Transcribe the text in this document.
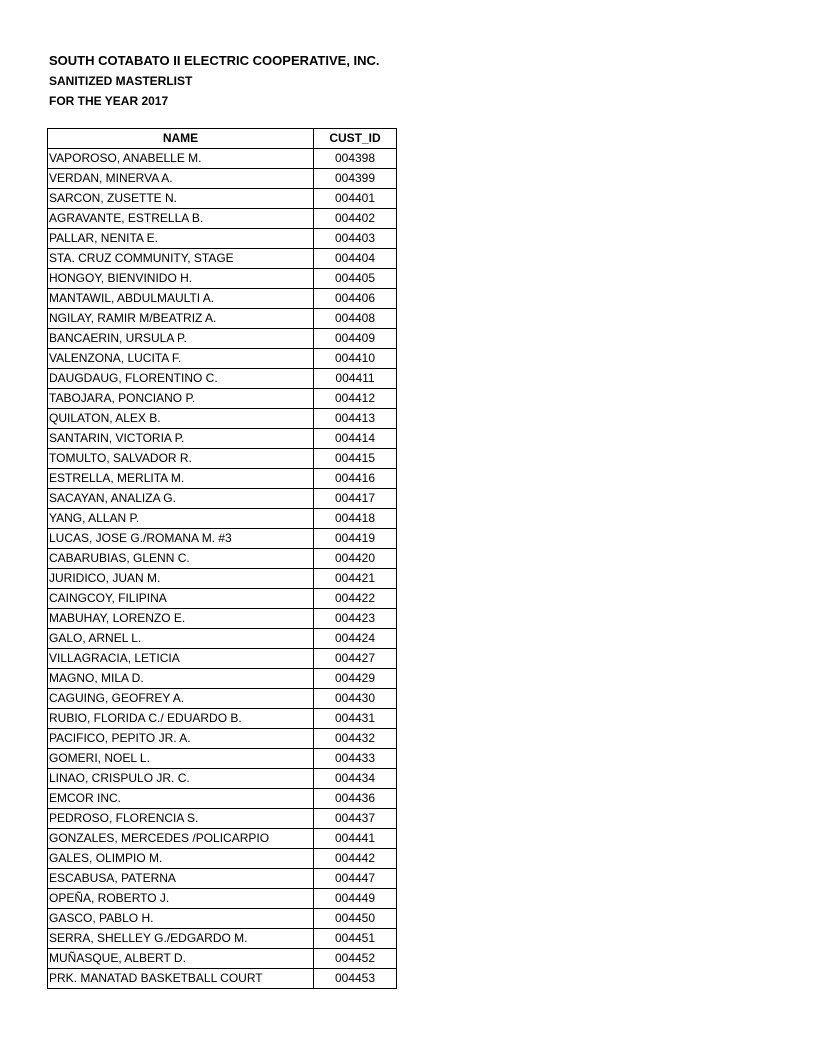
SOUTH COTABATO II ELECTRIC COOPERATIVE, INC.
SANITIZED MASTERLIST
FOR THE YEAR 2017
NAME	CUST_ID
VAPOROSO, ANABELLE M.	004398
VERDAN, MINERVA A.	004399
SARCON, ZUSETTE N.	004401
AGRAVANTE, ESTRELLA B.	004402
PALLAR, NENITA E.	004403
STA. CRUZ COMMUNITY, STAGE	004404
HONGOY, BIENVINIDO H.	004405
MANTAWIL, ABDULMAULTI A.	004406
NGILAY, RAMIR M/BEATRIZ A.	004408
BANCAERIN, URSULA P.	004409
VALENZONA, LUCITA F.	004410
DAUGDAUG, FLORENTINO C.	004411
TABOJARA, PONCIANO P.	004412
QUILATON, ALEX B.	004413
SANTARIN, VICTORIA P.	004414
TOMULTO, SALVADOR R.	004415
ESTRELLA, MERLITA M.	004416
SACAYAN, ANALIZA G.	004417
YANG, ALLAN P.	004418
LUCAS, JOSE G./ROMANA M. #3	004419
CABARUBIAS, GLENN C.	004420
JURIDICO, JUAN M.	004421
CAINGCOY, FILIPINA	004422
MABUHAY, LORENZO E.	004423
GALO, ARNEL L.	004424
VILLAGRACIA, LETICIA	004427
MAGNO, MILA D.	004429
CAGUING, GEOFREY A.	004430
RUBIO, FLORIDA C./ EDUARDO B.	004431
PACIFICO, PEPITO JR. A.	004432
GOMERI, NOEL L.	004433
LINAO, CRISPULO JR. C.	004434
EMCOR INC.	004436
PEDROSO, FLORENCIA S.	004437
GONZALES, MERCEDES /POLICARPIO	004441
GALES, OLIMPIO M.	004442
ESCABUSA, PATERNA	004447
OPEÑA, ROBERTO J.	004449
GASCO, PABLO H.	004450
SERRA, SHELLEY G./EDGARDO M.	004451
MUÑASQUE, ALBERT D.	004452
PRK. MANATAD BASKETBALL COURT	004453
